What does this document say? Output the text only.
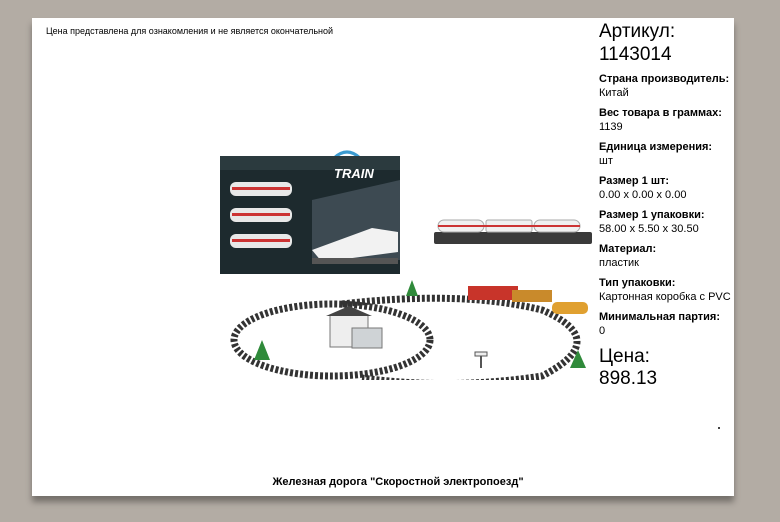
Цена представлена для ознакомления и не является окончательной
TRAIN
Артикул:
1143014
Страна производитель:
Китай
Вес товара в граммах:
1139
Единица измерения:
шт
Размер 1 шт:
0.00 x 0.00 x 0.00
Размер 1 упаковки:
58.00 x 5.50 x 30.50
Материал:
пластик
Тип упаковки:
Картонная коробка с PVC
Минимальная партия:
0
Цена:
898.13
Железная дорога "Скоростной электропоезд"
